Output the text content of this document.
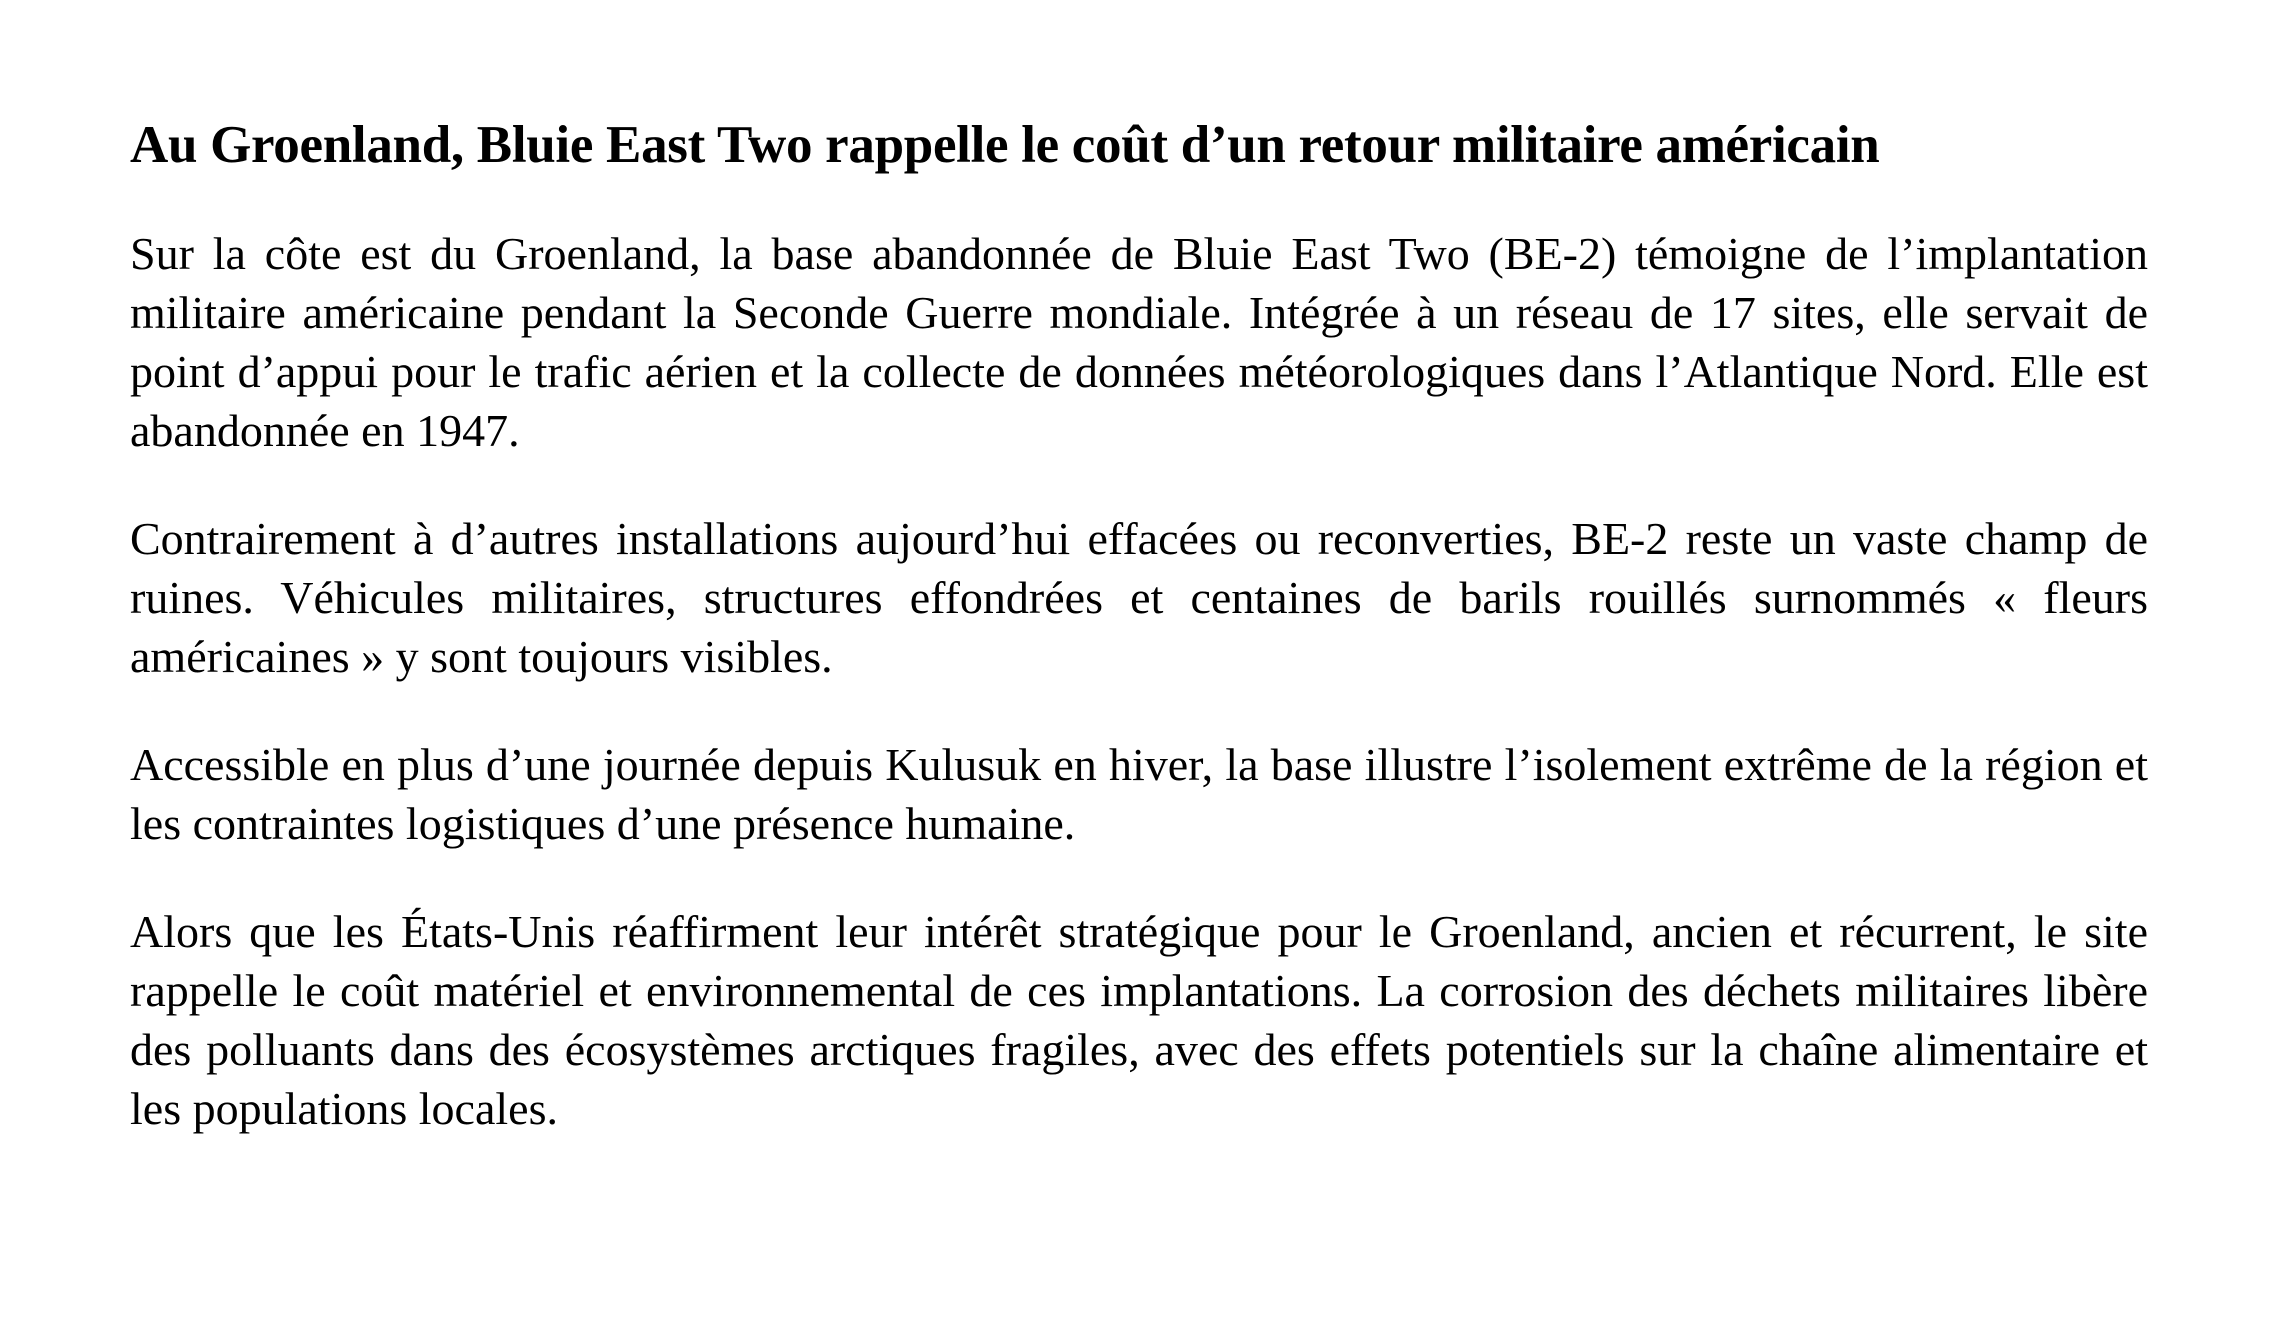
Au Groenland, Bluie East Two rappelle le coût d’un retour militaire américain

Sur la côte est du Groenland, la base abandonnée de Bluie East Two (BE-2) témoigne de l’implantation militaire américaine pendant la Seconde Guerre mondiale. Intégrée à un réseau de 17 sites, elle servait de point d’appui pour le trafic aérien et la collecte de données météorologiques dans l’Atlantique Nord. Elle est abandonnée en 1947.

Contrairement à d’autres installations aujourd’hui effacées ou reconverties, BE-2 reste un vaste champ de ruines. Véhicules militaires, structures effondrées et centaines de barils rouillés surnommés « fleurs américaines » y sont toujours visibles.

Accessible en plus d’une journée depuis Kulusuk en hiver, la base illustre l’isolement extrême de la région et les contraintes logistiques d’une présence humaine.

Alors que les États-Unis réaffirment leur intérêt stratégique pour le Groenland, ancien et récurrent, le site rappelle le coût matériel et environnemental de ces implantations. La corrosion des déchets militaires libère des polluants dans des écosystèmes arctiques fragiles, avec des effets potentiels sur la chaîne alimentaire et les populations locales.
